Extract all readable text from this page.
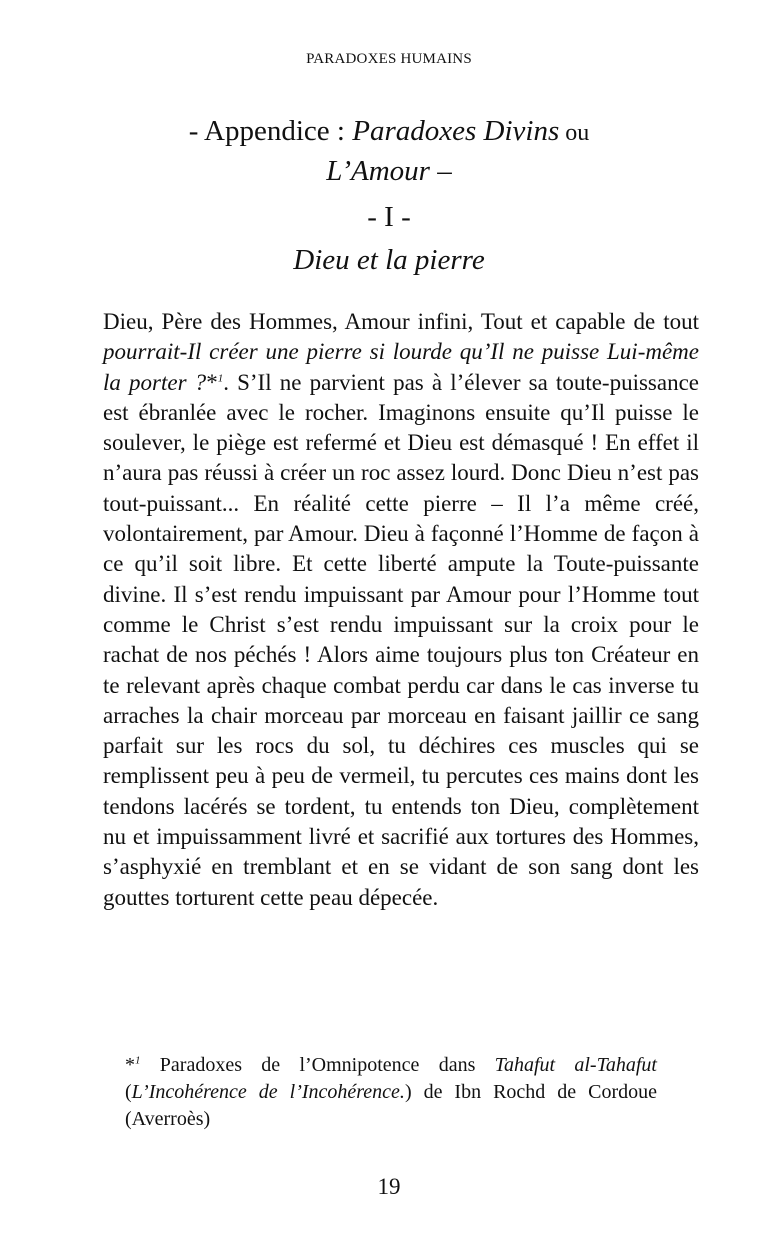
PARADOXES HUMAINS
- Appendice : Paradoxes Divins ou
L’Amour –
- I -
Dieu et la pierre

Dieu, Père des Hommes, Amour infini, Tout et capable de tout pourrait-Il créer une pierre si lourde qu’Il ne puisse Lui-même la porter ?*$^1$. S’Il ne parvient pas à l’élever sa toute-puissance est ébranlée avec le rocher. Imaginons ensuite qu’Il puisse le soulever, le piège est refermé et Dieu est démasqué ! En effet il n’aura pas réussi à créer un roc assez lourd. Donc Dieu n’est pas tout-puissant... En réalité cette pierre – Il l’a même créé, volontairement, par Amour. Dieu à façonné l’Homme de façon à ce qu’il soit libre. Et cette liberté ampute la Toute-puissante divine. Il s’est rendu impuissant par Amour pour l’Homme tout comme le Christ s’est rendu impuissant sur la croix pour le rachat de nos péchés ! Alors aime toujours plus ton Créateur en te relevant après chaque combat perdu car dans le cas inverse tu arraches la chair morceau par morceau en faisant jaillir ce sang parfait sur les rocs du sol, tu déchires ces muscles qui se remplissent peu à peu de vermeil, tu percutes ces mains dont les tendons lacérés se tordent, tu entends ton Dieu, complètement nu et impuissamment livré et sacrifié aux tortures des Hommes, s’asphyxié en tremblant et en se vidant de son sang dont les gouttes torturent cette peau dépecée.

*$^1$ Paradoxes de l’Omnipotence dans Tahafut al-Tahafut (L’Incohérence de l’Incohérence.) de Ibn Rochd de Cordoue (Averroès)

19
